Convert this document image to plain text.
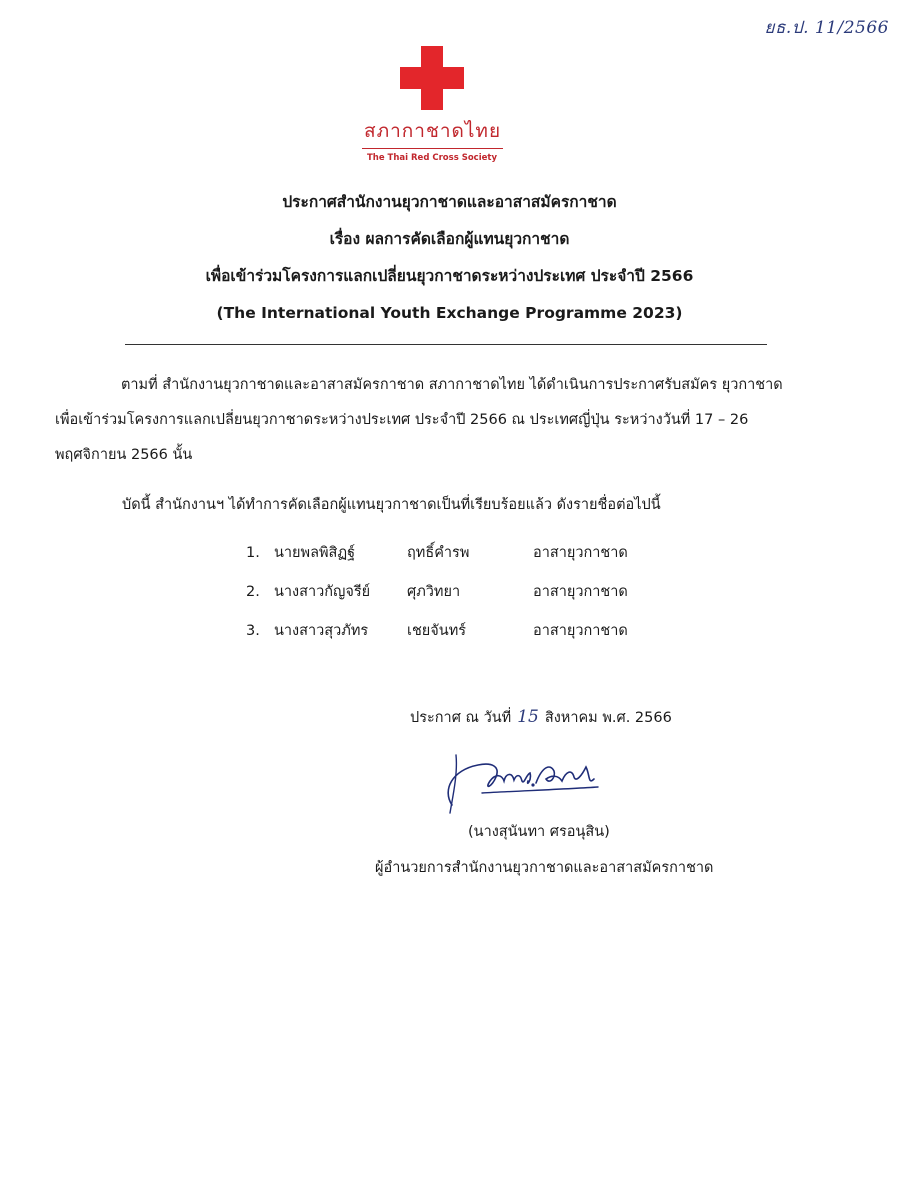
ยธ.ป. 11/2566
สภากาชาดไทย
The Thai Red Cross Society
ประกาศสำนักงานยุวกาชาดและอาสาสมัครกาชาด
เรื่อง ผลการคัดเลือกผู้แทนยุวกาชาด
เพื่อเข้าร่วมโครงการแลกเปลี่ยนยุวกาชาดระหว่างประเทศ ประจำปี 2566
(The International Youth Exchange Programme 2023)
ตามที่ สำนักงานยุวกาชาดและอาสาสมัครกาชาด สภากาชาดไทย ได้ดำเนินการประกาศรับสมัคร ยุวกาชาดเพื่อเข้าร่วมโครงการแลกเปลี่ยนยุวกาชาดระหว่างประเทศ ประจำปี 2566 ณ ประเทศญี่ปุ่น ระหว่างวันที่ 17 – 26 พฤศจิกายน 2566 นั้น
บัดนี้ สำนักงานฯ ได้ทำการคัดเลือกผู้แทนยุวกาชาดเป็นที่เรียบร้อยแล้ว ดังรายชื่อต่อไปนี้
1. นายพลพิสิฏฐ์	ฤทธิ์คำรพ	อาสายุวกาชาด
2. นางสาวกัญจรีย์	ศุภวิทยา	อาสายุวกาชาด
3. นางสาวสุวภัทร	เชยจันทร์	อาสายุวกาชาด
ประกาศ ณ วันที่ 15 สิงหาคม พ.ศ. 2566
(นางสุนันทา ศรอนุสิน)
ผู้อำนวยการสำนักงานยุวกาชาดและอาสาสมัครกาชาด
